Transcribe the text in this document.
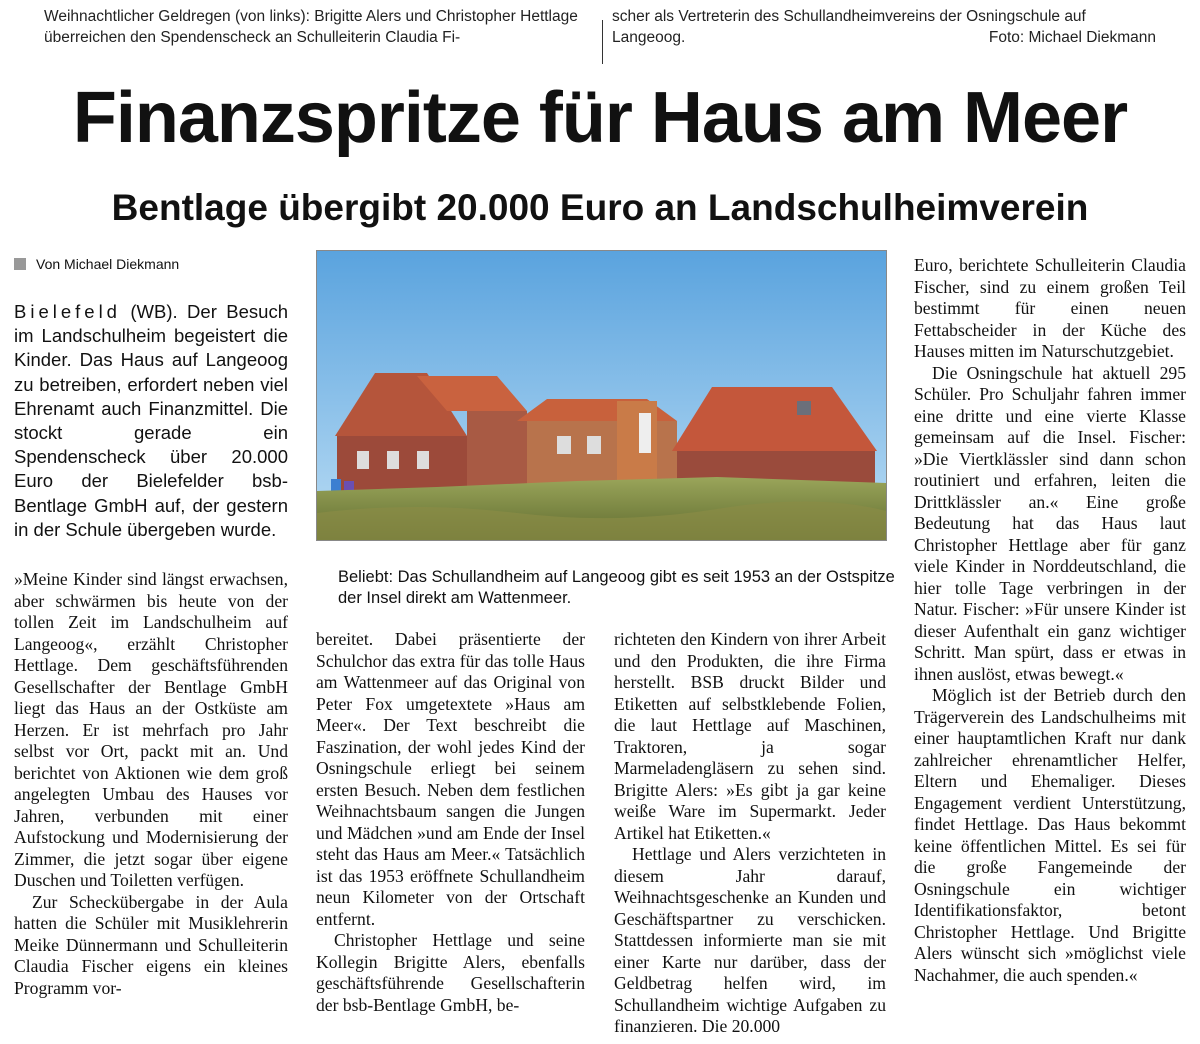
Weihnachtlicher Geldregen (von links): Brigitte Alers und Christopher Hettlage überreichen den Spendenscheck an Schulleiterin Claudia Fi-
scher als Vertreterin des Schullandheimvereins der Osningschule auf Langeoog.	Foto: Michael Diekmann
Finanzspritze für Haus am Meer
Bentlage übergibt 20.000 Euro an Landschulheimverein
Von Michael Diekmann
Bielefeld (WB). Der Besuch im Landschulheim begeistert die Kinder. Das Haus auf Langeoog zu betreiben, erfordert neben viel Ehrenamt auch Finanzmittel. Die stockt gerade ein Spendenscheck über 20.000 Euro der Bielefelder bsb-Bentlage GmbH auf, der gestern in der Schule übergeben wurde.
Beliebt: Das Schullandheim auf Langeoog gibt es seit 1953 an der Ostspitze der Insel direkt am Wattenmeer.

»Meine Kinder sind längst erwachsen, aber schwärmen bis heute von der tollen Zeit im Landschulheim auf Langeoog«, erzählt Christopher Hettlage. Dem geschäftsführenden Gesellschafter der Bentlage GmbH liegt das Haus an der Ostküste am Herzen. Er ist mehrfach pro Jahr selbst vor Ort, packt mit an. Und berichtet von Aktionen wie dem groß angelegten Umbau des Hauses vor Jahren, verbunden mit einer Aufstockung und Modernisierung der Zimmer, die jetzt sogar über eigene Duschen und Toiletten verfügen.

Zur Scheckübergabe in der Aula hatten die Schüler mit Musiklehrerin Meike Dünnermann und Schulleiterin Claudia Fischer eigens ein kleines Programm vor-

bereitet. Dabei präsentierte der Schulchor das extra für das tolle Haus am Wattenmeer auf das Original von Peter Fox umgetextete »Haus am Meer«. Der Text beschreibt die Faszination, der wohl jedes Kind der Osningschule erliegt bei seinem ersten Besuch. Neben dem festlichen Weihnachtsbaum sangen die Jungen und Mädchen »und am Ende der Insel steht das Haus am Meer.« Tatsächlich ist das 1953 eröffnete Schullandheim neun Kilometer von der Ortschaft entfernt.

Christopher Hettlage und seine Kollegin Brigitte Alers, ebenfalls geschäftsführende Gesellschafterin der bsb-Bentlage GmbH, be-

richteten den Kindern von ihrer Arbeit und den Produkten, die ihre Firma herstellt. BSB druckt Bilder und Etiketten auf selbstklebende Folien, die laut Hettlage auf Maschinen, Traktoren, ja sogar Marmeladengläsern zu sehen sind. Brigitte Alers: »Es gibt ja gar keine weiße Ware im Supermarkt. Jeder Artikel hat Etiketten.«

Hettlage und Alers verzichteten in diesem Jahr darauf, Weihnachtsgeschenke an Kunden und Geschäftspartner zu verschicken. Stattdessen informierte man sie mit einer Karte nur darüber, dass der Geldbetrag helfen wird, im Schullandheim wichtige Aufgaben zu finanzieren. Die 20.000

Euro, berichtete Schulleiterin Claudia Fischer, sind zu einem großen Teil bestimmt für einen neuen Fettabscheider in der Küche des Hauses mitten im Naturschutzgebiet.

Die Osningschule hat aktuell 295 Schüler. Pro Schuljahr fahren immer eine dritte und eine vierte Klasse gemeinsam auf die Insel. Fischer: »Die Viertklässler sind dann schon routiniert und erfahren, leiten die Drittklässler an.« Eine große Bedeutung hat das Haus laut Christopher Hettlage aber für ganz viele Kinder in Norddeutschland, die hier tolle Tage verbringen in der Natur. Fischer: »Für unsere Kinder ist dieser Aufenthalt ein ganz wichtiger Schritt. Man spürt, dass er etwas in ihnen auslöst, etwas bewegt.«

Möglich ist der Betrieb durch den Trägerverein des Landschulheims mit einer hauptamtlichen Kraft nur dank zahlreicher ehrenamtlicher Helfer, Eltern und Ehemaliger. Dieses Engagement verdient Unterstützung, findet Hettlage. Das Haus bekommt keine öffentlichen Mittel. Es sei für die große Fangemeinde der Osningschule ein wichtiger Identifikationsfaktor, betont Christopher Hettlage. Und Brigitte Alers wünscht sich »möglichst viele Nachahmer, die auch spenden.«
